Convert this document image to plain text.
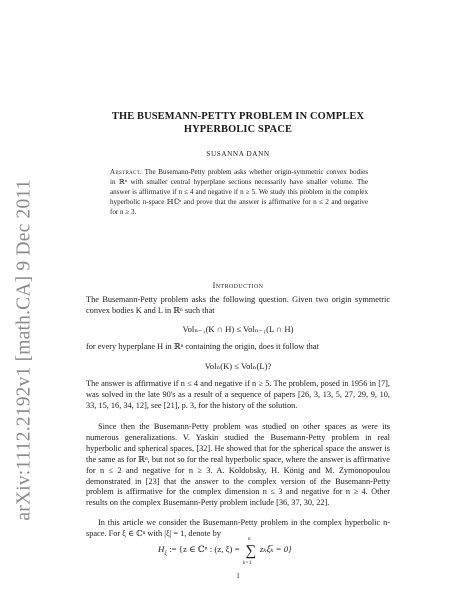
arXiv:1112.2192v1 [math.CA] 9 Dec 2011
THE BUSEMANN-PETTY PROBLEM IN COMPLEX
HYPERBOLIC SPACE
SUSANNA DANN
Abstract. The Busemann-Petty problem asks whether origin-symmetric convex bodies in ℝⁿ with smaller central hyperplane sections necessarily have smaller volume. The answer is affirmative if n ≤ 4 and negative if n ≥ 5. We study this problem in the complex hyperbolic n-space ℍℂⁿ and prove that the answer is affirmative for n ≤ 2 and negative for n ≥ 3.
Introduction
The Busemann-Petty problem asks the following question. Given two origin symmetric convex bodies K and L in ℝⁿ such that
Volₙ₋₁(K ∩ H) ≤ Volₙ₋₁(L ∩ H)
for every hyperplane H in ℝⁿ containing the origin, does it follow that
Volₙ(K) ≤ Volₙ(L)?
The answer is affirmative if n ≤ 4 and negative if n ≥ 5. The problem, posed in 1956 in [7], was solved in the late 90's as a result of a sequence of papers [26, 3, 13, 5, 27, 29, 9, 10, 33, 15, 16, 34, 12], see [21], p. 3, for the history of the solution.
Since then the Busemann-Petty problem was studied on other spaces as were its numerous generalizations. V. Yaskin studied the Busemann-Petty problem in real hyperbolic and spherical spaces, [32]. He showed that for the spherical space the answer is the same as for ℝⁿ, but not so for the real hyperbolic space, where the answer is affirmative for n ≤ 2 and negative for n ≥ 3. A. Koldobsky, H. König and M. Zymonopoulou demonstrated in [23] that the answer to the complex version of the Busemann-Petty problem is affirmative for the complex dimension n ≤ 3 and negative for n ≥ 4. Other results on the complex Busemann-Petty problem include [36, 37, 30, 22].
In this article we consider the Busemann-Petty problem in the complex hyperbolic n-space. For ξ ∈ ℂⁿ with |ξ| = 1, denote by
$H_\xi$ := {z ∈ ℂⁿ : (z, ξ) =
n
∑
k=1
zₖξ̅ₖ = 0}
1
